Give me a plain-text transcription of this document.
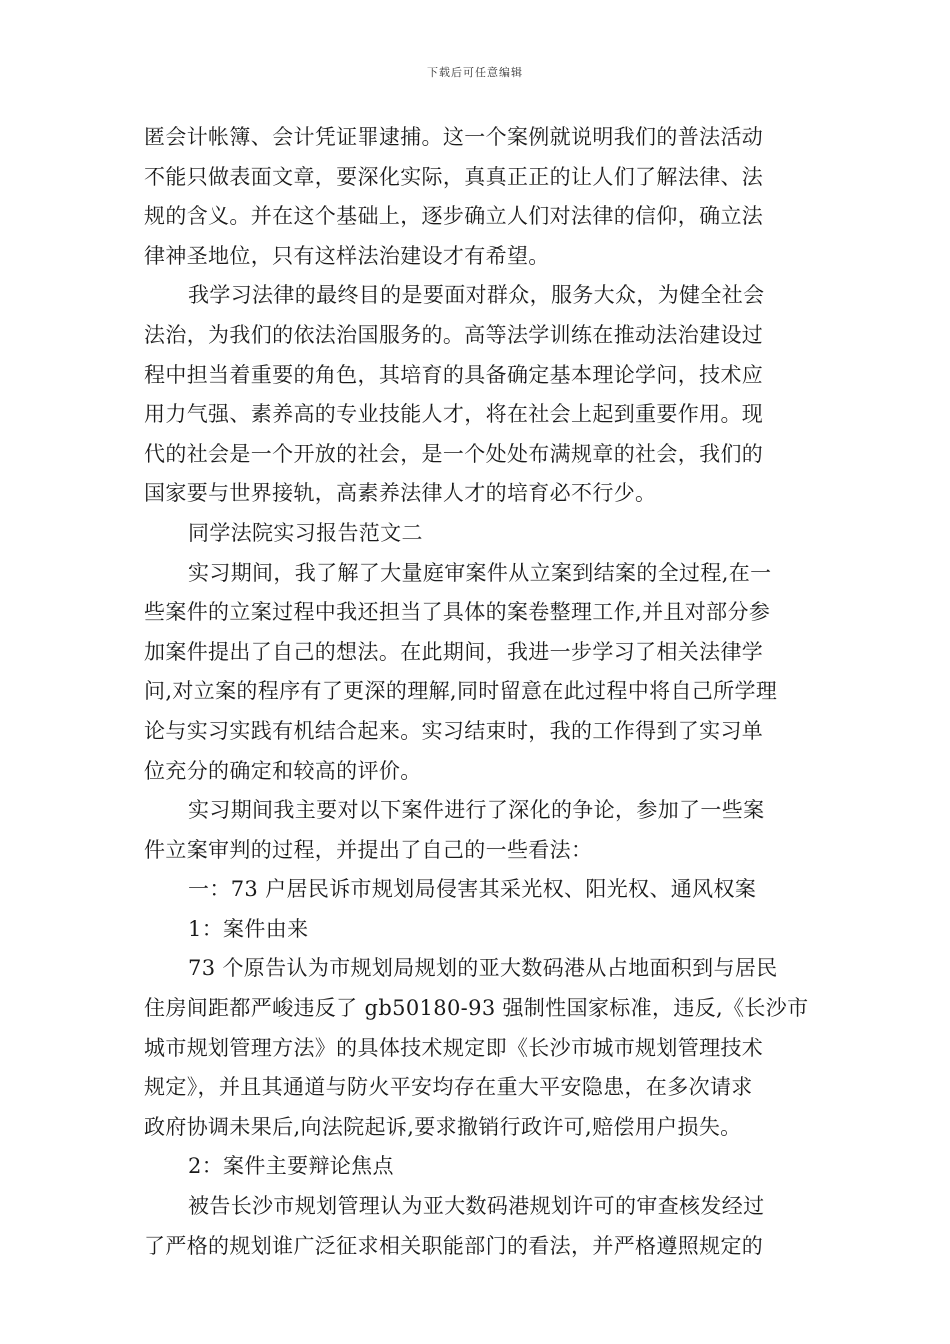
下载后可任意编辑
匿会计帐簿、会计凭证罪逮捕。这一个案例就说明我们的普法活动
不能只做表面文章，要深化实际，真真正正的让人们了解法律、法
规的含义。并在这个基础上，逐步确立人们对法律的信仰，确立法
律神圣地位，只有这样法治建设才有希望。
我学习法律的最终目的是要面对群众，服务大众，为健全社会
法治，为我们的依法治国服务的。高等法学训练在推动法治建设过
程中担当着重要的角色，其培育的具备确定基本理论学问，技术应
用力气强、素养高的专业技能人才，将在社会上起到重要作用。现
代的社会是一个开放的社会，是一个处处布满规章的社会，我们的
国家要与世界接轨，高素养法律人才的培育必不行少。
同学法院实习报告范文二
实习期间，我了解了大量庭审案件从立案到结案的全过程,在一
些案件的立案过程中我还担当了具体的案卷整理工作,并且对部分参
加案件提出了自己的想法。在此期间，我进一步学习了相关法律学
问,对立案的程序有了更深的理解,同时留意在此过程中将自己所学理
论与实习实践有机结合起来。实习结束时，我的工作得到了实习单
位充分的确定和较高的评价。
实习期间我主要对以下案件进行了深化的争论，参加了一些案
件立案审判的过程，并提出了自己的一些看法：
一：73 户居民诉市规划局侵害其采光权、阳光权、通风权案
1：案件由来
73 个原告认为市规划局规划的亚大数码港从占地面积到与居民
住房间距都严峻违反了 gb50180-93 强制性国家标准，违反,《长沙市
城市规划管理方法》的具体技术规定即《长沙市城市规划管理技术
规定》，并且其通道与防火平安均存在重大平安隐患，在多次请求
政府协调未果后,向法院起诉,要求撤销行政许可,赔偿用户损失。
2：案件主要辩论焦点
被告长沙市规划管理认为亚大数码港规划许可的审查核发经过
了严格的规划谁广泛征求相关职能部门的看法，并严格遵照规定的
